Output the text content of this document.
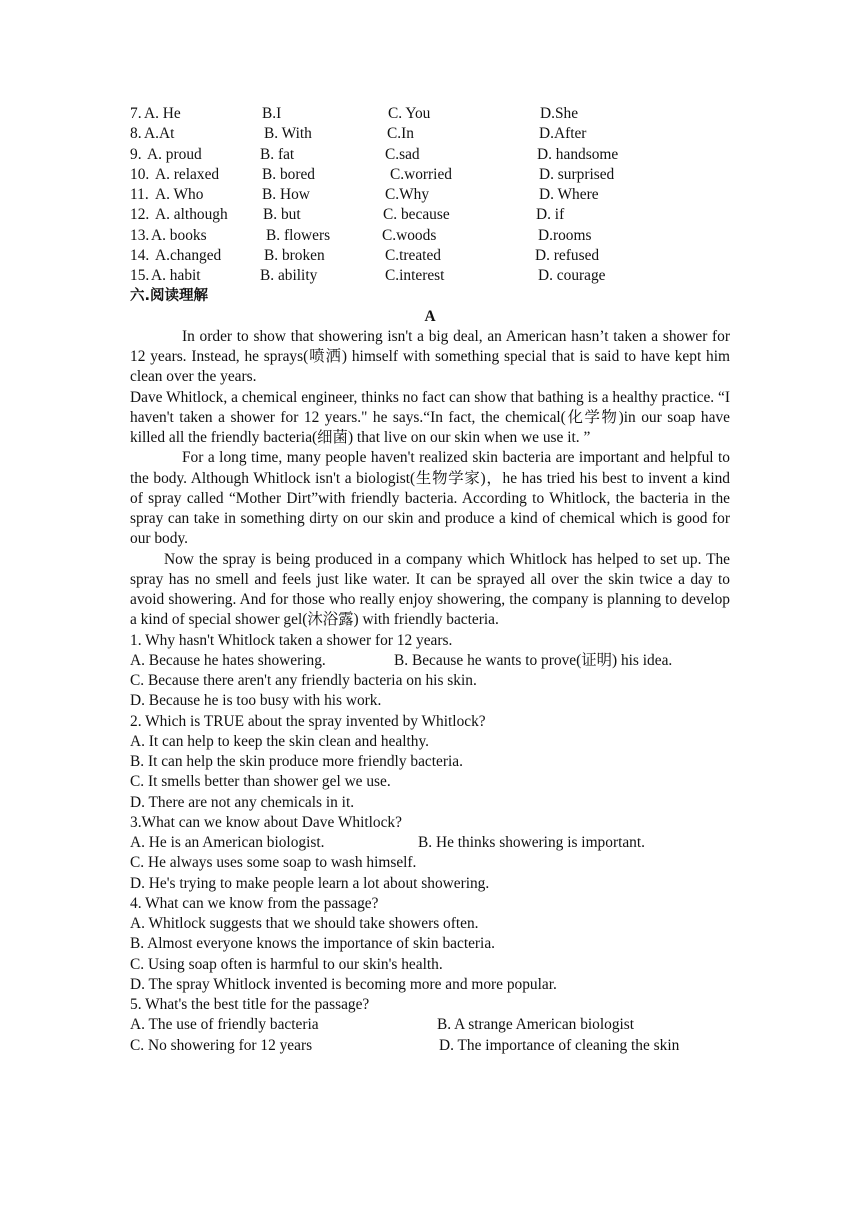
7. A. He	B.I	C. You	D.She
8. A.At	B. With	C.In	D.After
9. A. proud	B. fat	C.sad	D. handsome
10. A. relaxed	B. bored	C.worried	D. surprised
11. A. Who	B. How	C.Why	D. Where
12. A. although B. but	C. because	D. if
13. A. books	B. flowers	C.woods	D.rooms
14. A.changed	B. broken	C.treated	D. refused
15. A. habit	B. ability	C.interest	D. courage
六.阅读理解
A

In order to show that showering isn't a big deal, an American hasn’t taken a shower for 12 years. Instead, he sprays(喷洒) himself with something special that is said to have kept him clean over the years.

Dave Whitlock, a chemical engineer, thinks no fact can show that bathing is a healthy practice. “I haven't taken a shower for 12 years." he says.“In fact, the chemical(化学物)in our soap have killed all the friendly bacteria(细菌) that live on our skin when we use it. ”

For a long time, many people haven't realized skin bacteria are important and helpful to the body. Although Whitlock isn't a biologist(生物学家)，he has tried his best to invent a kind of spray called “Mother Dirt”with friendly bacteria. According to Whitlock, the bacteria in the spray can take in something dirty on our skin and produce a kind of chemical which is good for our body.

Now the spray is being produced in a company which Whitlock has helped to set up. The spray has no smell and feels just like water. It can be sprayed all over the skin twice a day to avoid showering. And for those who really enjoy showering, the company is planning to develop a kind of special shower gel(沐浴露) with friendly bacteria.

1. Why hasn't Whitlock taken a shower for 12 years.
A. Because he hates showering.	B. Because he wants to prove(证明) his idea.
C. Because there aren't any friendly bacteria on his skin.
D. Because he is too busy with his work.
2. Which is TRUE about the spray invented by Whitlock?
A. It can help to keep the skin clean and healthy.
B. It can help the skin produce more friendly bacteria.
C. It smells better than shower gel we use.
D. There are not any chemicals in it.
3.What can we know about Dave Whitlock?
A. He is an American biologist.	B. He thinks showering is important.
C. He always uses some soap to wash himself.
D. He's trying to make people learn a lot about showering.
4. What can we know from the passage?
A. Whitlock suggests that we should take showers often.
B. Almost everyone knows the importance of skin bacteria.
C. Using soap often is harmful to our skin's health.
D. The spray Whitlock invented is becoming more and more popular.
5. What's the best title for the passage?
A. The use of friendly bacteria	B. A strange American biologist
C. No showering for 12 years	D. The importance of cleaning the skin
